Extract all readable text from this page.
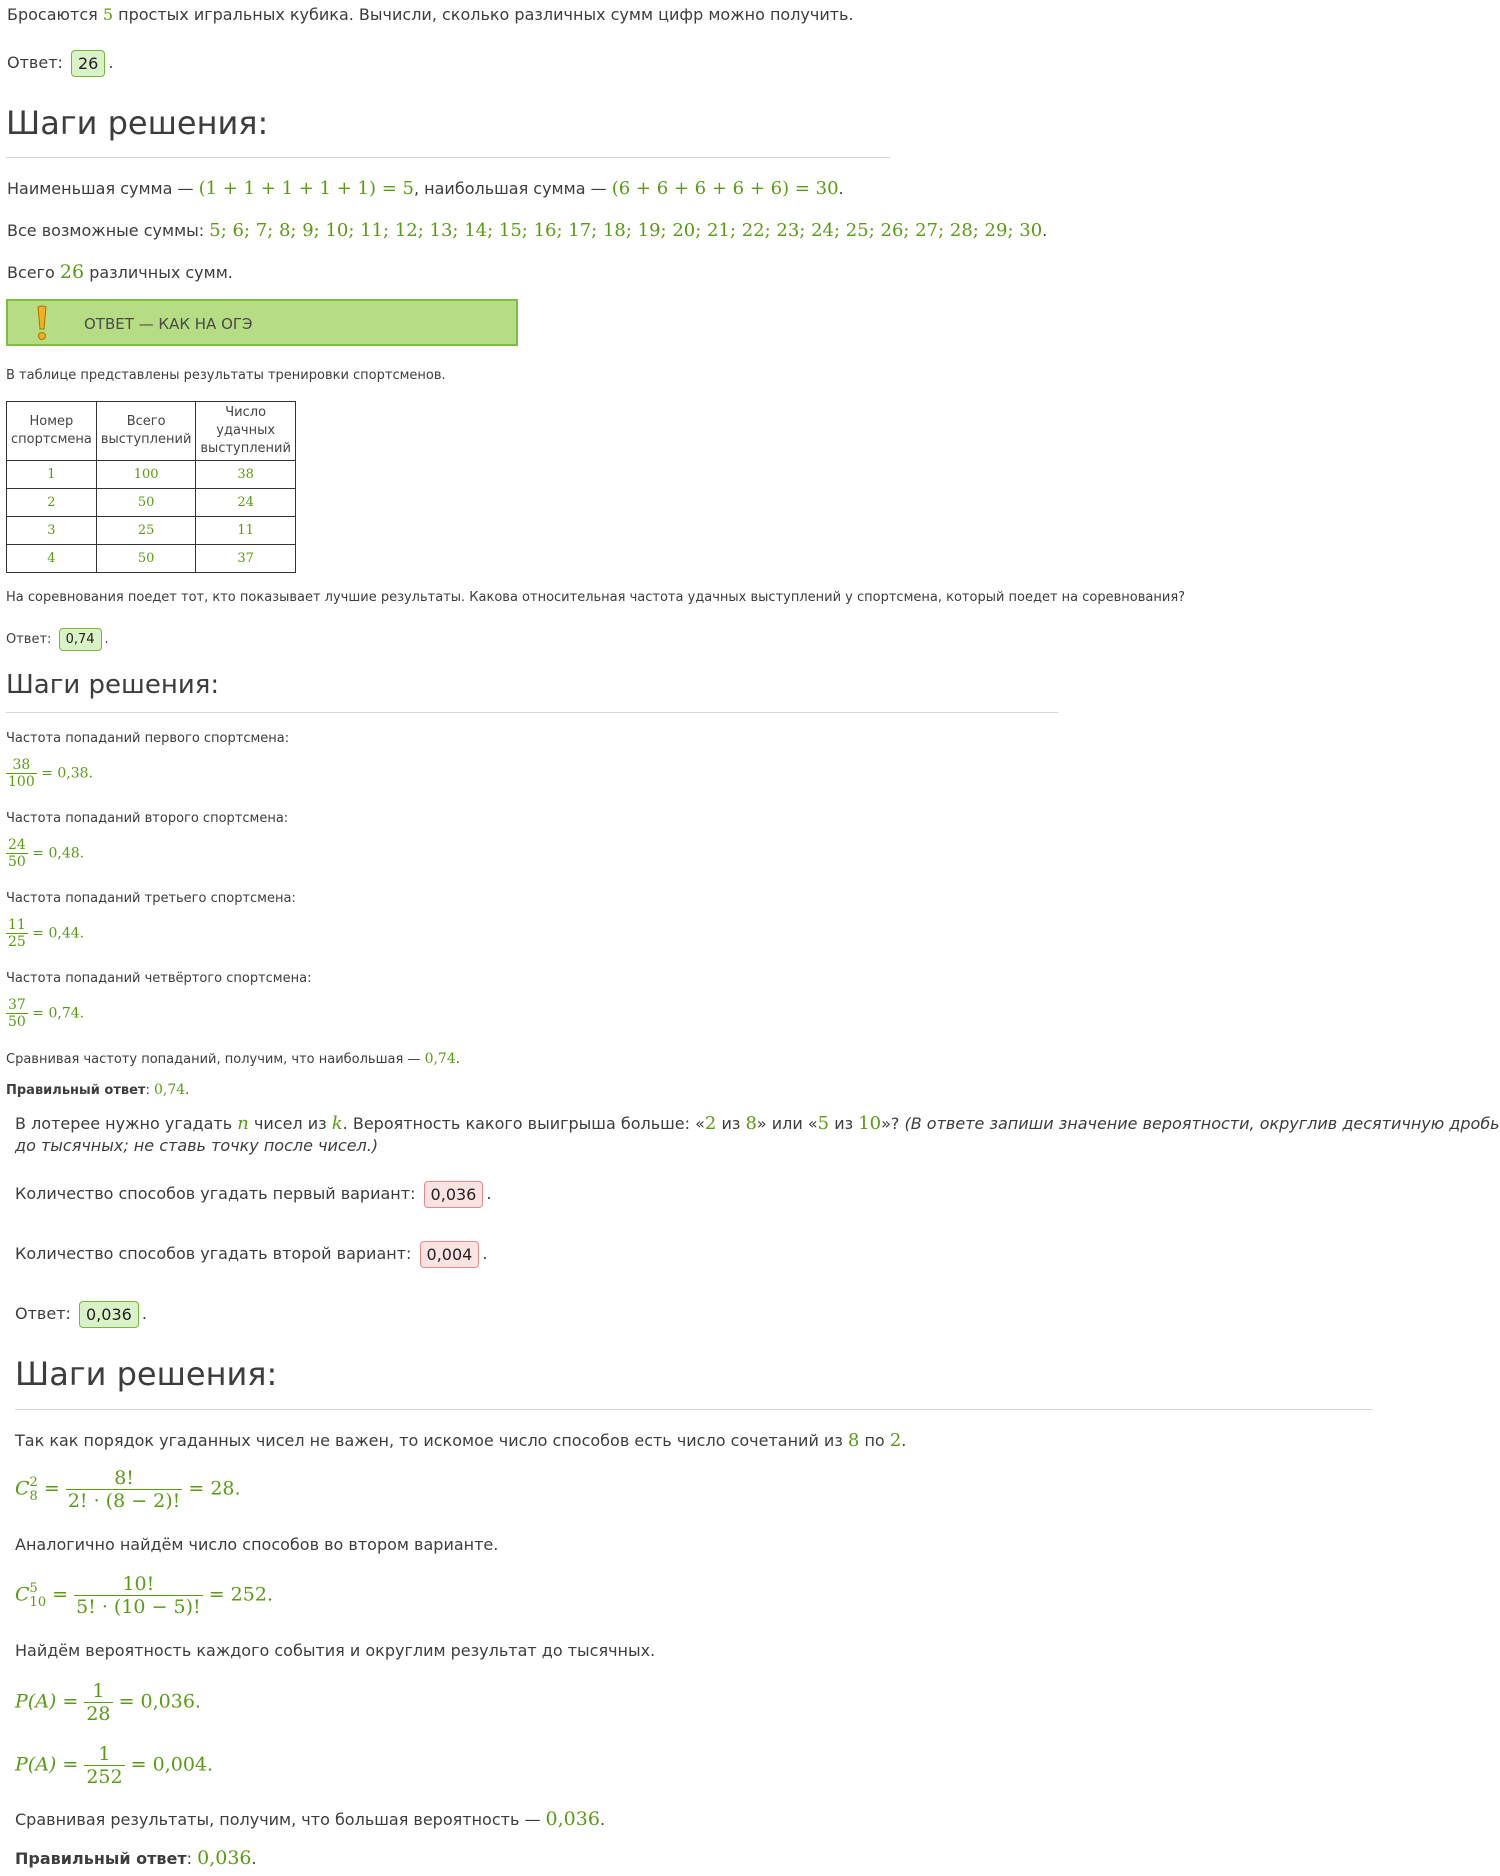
Бросаются 5 простых игральных кубика. Вычисли, сколько различных сумм цифр можно получить.
Ответ: 26 .
Шаги решения:
Наименьшая сумма — (1 + 1 + 1 + 1 + 1) = 5, наибольшая сумма — (6 + 6 + 6 + 6 + 6) = 30.
Все возможные суммы: 5; 6; 7; 8; 9; 10; 11; 12; 13; 14; 15; 16; 17; 18; 19; 20; 21; 22; 23; 24; 25; 26; 27; 28; 29; 30.
Всего 26 различных сумм.
ОТВЕТ — КАК НА ОГЭ
В таблице представлены результаты тренировки спортсменов.
Номер спортсмена	Всего выступлений	Число удачных выступлений
1	100	38
2	50	24
3	25	11
4	50	37
На соревнования поедет тот, кто показывает лучшие результаты. Какова относительная частота удачных выступлений у спортсмена, который поедет на соревнования?
Ответ: 0,74 .
Шаги решения:
Частота попаданий первого спортсмена:
$\frac{38}{100} = 0,38$.
Частота попаданий второго спортсмена:
$\frac{24}{50} = 0,48$.
Частота попаданий третьего спортсмена:
$\frac{11}{25} = 0,44$.
Частота попаданий четвёртого спортсмена:
$\frac{37}{50} = 0,74$.
Сравнивая частоту попаданий, получим, что наибольшая — 0,74.
Правильный ответ: 0,74.
В лотерее нужно угадать n чисел из k. Вероятность какого выигрыша больше: «2 из 8» или «5 из 10»? (В ответе запиши значение вероятности, округлив десятичную дробь
до тысячных; не ставь точку после чисел.)
Количество способов угадать первый вариант: 0,036 .
Количество способов угадать второй вариант: 0,004 .
Ответ: 0,036 .
Шаги решения:
Так как порядок угаданных чисел не важен, то искомое число способов есть число сочетаний из 8 по 2.
C 2
$8 = \frac{8!}{2! \cdot (8 - 2)!} = 28$.
Аналогично найдём число способов во втором варианте.
C 5
$10 = \frac{10!}{5! \cdot (10 - 5)!} = 252$.
Найдём вероятность каждого события и округлим результат до тысячных.
$P(A) = \frac{1}{28} = 0,036$.
$P(A) = \frac{1}{252} = 0,004$.
Сравнивая результаты, получим, что большая вероятность — 0,036.
Правильный ответ: 0,036.
